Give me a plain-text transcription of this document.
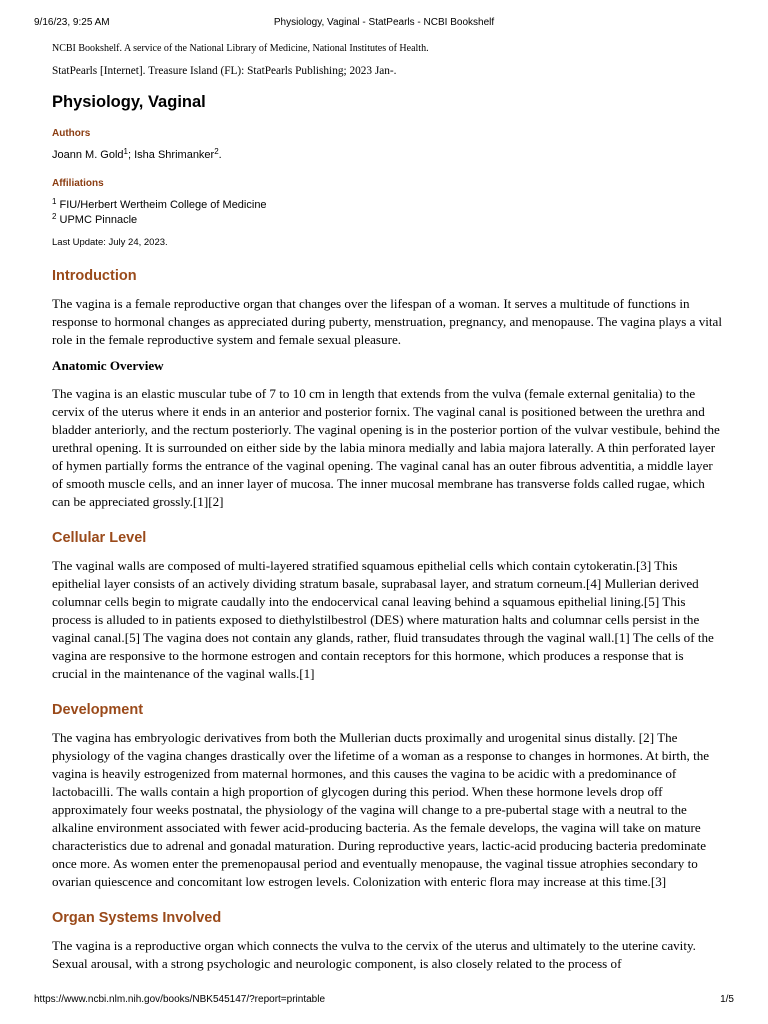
9/16/23, 9:25 AM	Physiology, Vaginal - StatPearls - NCBI Bookshelf

NCBI Bookshelf. A service of the National Library of Medicine, National Institutes of Health.

StatPearls [Internet]. Treasure Island (FL): StatPearls Publishing; 2023 Jan-.

Physiology, Vaginal
Authors

Joann M. Gold$^1$; Isha Shrimanker$^2$.

Affiliations

$^1$ FIU/Herbert Wertheim College of Medicine

$^2$ UPMC Pinnacle

Last Update: July 24, 2023.

Introduction

The vagina is a female reproductive organ that changes over the lifespan of a woman. It serves a multitude of functions in response to hormonal changes as appreciated during puberty, menstruation, pregnancy, and menopause. The vagina plays a vital role in the female reproductive system and female sexual pleasure.

Anatomic Overview

The vagina is an elastic muscular tube of 7 to 10 cm in length that extends from the vulva (female external genitalia) to the cervix of the uterus where it ends in an anterior and posterior fornix. The vaginal canal is positioned between the urethra and bladder anteriorly, and the rectum posteriorly. The vaginal opening is in the posterior portion of the vulvar vestibule, behind the urethral opening. It is surrounded on either side by the labia minora medially and labia majora laterally. A thin perforated layer of hymen partially forms the entrance of the vaginal opening. The vaginal canal has an outer fibrous adventitia, a middle layer of smooth muscle cells, and an inner layer of mucosa. The inner mucosal membrane has transverse folds called rugae, which can be appreciated grossly.[1][2]

Cellular Level

The vaginal walls are composed of multi-layered stratified squamous epithelial cells which contain cytokeratin.[3] This epithelial layer consists of an actively dividing stratum basale, suprabasal layer, and stratum corneum.[4] Mullerian derived columnar cells begin to migrate caudally into the endocervical canal leaving behind a squamous epithelial lining.[5] This process is alluded to in patients exposed to diethylstilbestrol (DES) where maturation halts and columnar cells persist in the vaginal canal.[5] The vagina does not contain any glands, rather, fluid transudates through the vaginal wall.[1] The cells of the vagina are responsive to the hormone estrogen and contain receptors for this hormone, which produces a response that is crucial in the maintenance of the vaginal walls.[1]

Development

The vagina has embryologic derivatives from both the Mullerian ducts proximally and urogenital sinus distally. [2] The physiology of the vagina changes drastically over the lifetime of a woman as a response to changes in hormones. At birth, the vagina is heavily estrogenized from maternal hormones, and this causes the vagina to be acidic with a predominance of lactobacilli. The walls contain a high proportion of glycogen during this period. When these hormone levels drop off approximately four weeks postnatal, the physiology of the vagina will change to a pre-pubertal stage with a neutral to the alkaline environment associated with fewer acid-producing bacteria. As the female develops, the vagina will take on mature characteristics due to adrenal and gonadal maturation. During reproductive years, lactic-acid producing bacteria predominate once more. As women enter the premenopausal period and eventually menopause, the vaginal tissue atrophies secondary to ovarian quiescence and concomitant low estrogen levels. Colonization with enteric flora may increase at this time.[3]

Organ Systems Involved

The vagina is a reproductive organ which connects the vulva to the cervix of the uterus and ultimately to the uterine cavity. Sexual arousal, with a strong psychologic and neurologic component, is also closely related to the process of

https://www.ncbi.nlm.nih.gov/books/NBK545147/?report=printable	1/5
